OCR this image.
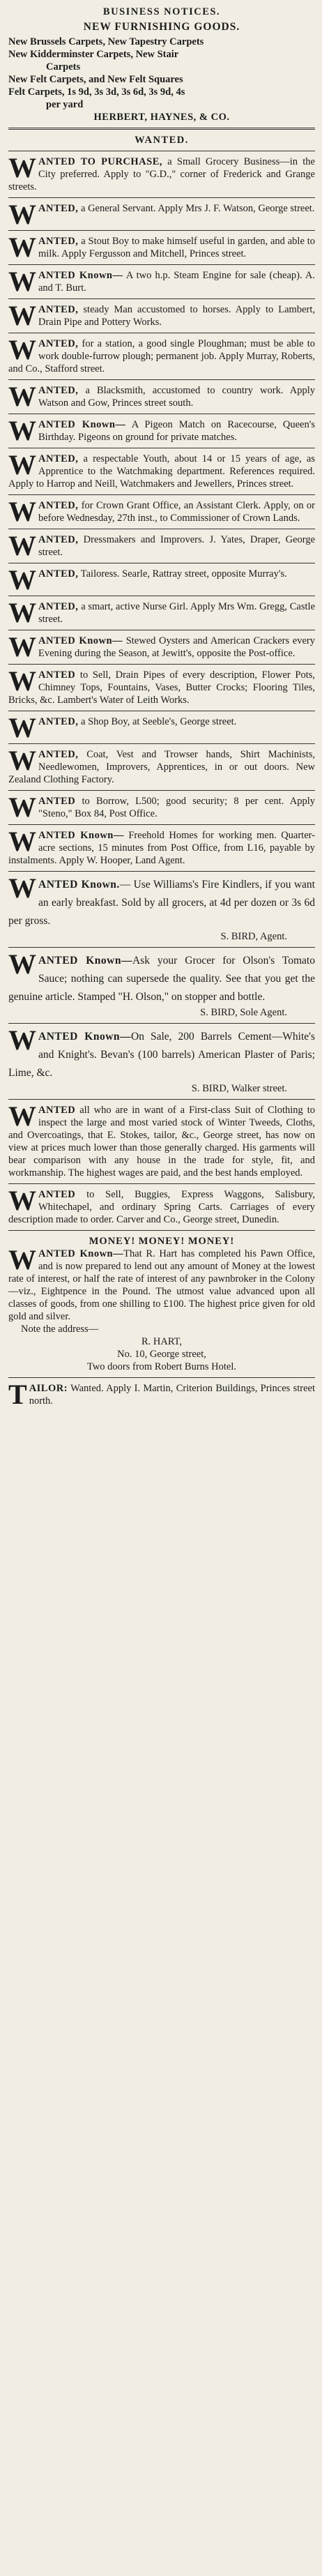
BUSINESS NOTICES.
NEW FURNISHING GOODS.
New Brussels Carpets, New Tapestry Carpets
New Kidderminster Carpets, New Stair
Carpets
New Felt Carpets, and New Felt Squares
Felt Carpets, 1s 9d, 3s 3d, 3s 6d, 3s 9d, 4s
per yard
HERBERT, HAYNES, & CO.
WANTED.
W ANTED TO PURCHASE, a Small Grocery Business—in the City preferred. Apply to "G.D.," corner of Frederick and Grange streets.

W ANTED, a General Servant. Apply Mrs J. F. Watson, George street.

W ANTED, a Stout Boy to make himself useful in garden, and able to milk. Apply Fergusson and Mitchell, Princes street.

W ANTED Known— A two h.p. Steam Engine for sale (cheap). A. and T. Burt.

W ANTED, steady Man accustomed to horses. Apply to Lambert, Drain Pipe and Pottery Works.

W ANTED, for a station, a good single Ploughman; must be able to work double-furrow plough; permanent job. Apply Murray, Roberts, and Co., Stafford street.

W ANTED, a Blacksmith, accustomed to country work. Apply Watson and Gow, Princes street south.

W ANTED Known— A Pigeon Match on Racecourse, Queen's Birthday. Pigeons on ground for private matches.

W ANTED, a respectable Youth, about 14 or 15 years of age, as Apprentice to the Watchmaking department. References required. Apply to Harrop and Neill, Watchmakers and Jewellers, Princes street.

W ANTED, for Crown Grant Office, an Assistant Clerk. Apply, on or before Wednesday, 27th inst., to Commissioner of Crown Lands.

W ANTED, Dressmakers and Improvers. J. Yates, Draper, George street.

W ANTED, Tailoress. Searle, Rattray street, opposite Murray's.

W ANTED, a smart, active Nurse Girl. Apply Mrs Wm. Gregg, Castle street.

W ANTED Known— Stewed Oysters and American Crackers every Evening during the Season, at Jewitt's, opposite the Post-office.

W ANTED to Sell, Drain Pipes of every description, Flower Pots, Chimney Tops, Fountains, Vases, Butter Crocks; Flooring Tiles, Bricks, &c. Lambert's Water of Leith Works.

W ANTED, a Shop Boy, at Seeble's, George street.

W ANTED, Coat, Vest and Trowser hands, Shirt Machinists, Needlewomen, Improvers, Apprentices, in or out doors. New Zealand Clothing Factory.

W ANTED to Borrow, L500; good security; 8 per cent. Apply "Steno," Box 84, Post Office.

W ANTED Known— Freehold Homes for working men. Quarter-acre sections, 15 minutes from Post Office, from L16, payable by instalments. Apply W. Hooper, Land Agent.

W ANTED Known.— Use Williams's Fire Kindlers, if you want an early breakfast. Sold by all grocers, at 4d per dozen or 3s 6d per gross.

S. BIRD, Agent.
W ANTED Known—Ask your Grocer for Olson's Tomato Sauce; nothing can supersede the quality. See that you get the genuine article. Stamped "H. Olson," on stopper and bottle.

S. BIRD, Sole Agent.
W ANTED Known—On Sale, 200 Barrels Cement—White's and Knight's. Bevan's (100 barrels) American Plaster of Paris; Lime, &c.

S. BIRD, Walker street.
W ANTED all who are in want of a First-class Suit of Clothing to inspect the large and most varied stock of Winter Tweeds, Cloths, and Overcoatings, that E. Stokes, tailor, &c., George street, has now on view at prices much lower than those generally charged. His garments will bear comparison with any house in the trade for style, fit, and workmanship. The highest wages are paid, and the best hands employed.

W ANTED to Sell, Buggies, Express Waggons, Salisbury, Whitechapel, and ordinary Spring Carts. Carriages of every description made to order. Carver and Co., George street, Dunedin.

MONEY! MONEY! MONEY!
W ANTED Known—That R. Hart has completed his Pawn Office, and is now prepared to lend out any amount of Money at the lowest rate of interest, or half the rate of interest of any pawnbroker in the Colony—viz., Eightpence in the Pound. The utmost value advanced upon all classes of goods, from one shilling to £100. The highest price given for old gold and silver.

Note the address—
R. HART,
No. 10, George street,
Two doors from Robert Burns Hotel.
T AILOR: Wanted. Apply I. Martin, Criterion Buildings, Princes street north.
